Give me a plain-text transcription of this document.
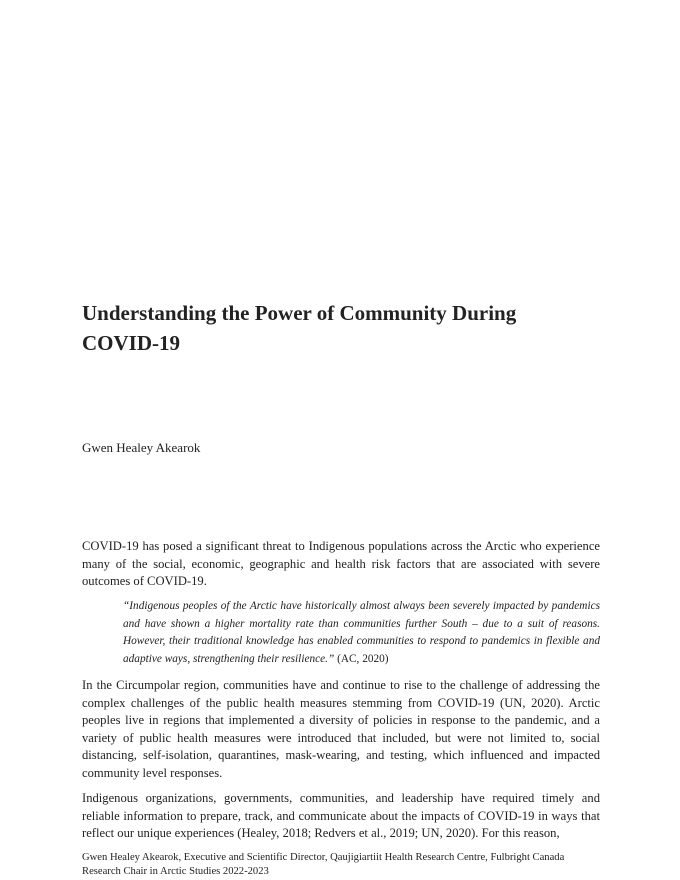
Understanding the Power of Community During COVID-19
Gwen Healey Akearok

COVID-19 has posed a significant threat to Indigenous populations across the Arctic who experience many of the social, economic, geographic and health risk factors that are associated with severe outcomes of COVID-19.

“Indigenous peoples of the Arctic have historically almost always been severely impacted by pandemics and have shown a higher mortality rate than communities further South – due to a suit of reasons. However, their traditional knowledge has enabled communities to respond to pandemics in flexible and adaptive ways, strengthening their resilience.” (AC, 2020)

In the Circumpolar region, communities have and continue to rise to the challenge of addressing the complex challenges of the public health measures stemming from COVID-19 (UN, 2020). Arctic peoples live in regions that implemented a diversity of policies in response to the pandemic, and a variety of public health measures were introduced that included, but were not limited to, social distancing, self-isolation, quarantines, mask-wearing, and testing, which influenced and impacted community level responses.

Indigenous organizations, governments, communities, and leadership have required timely and reliable information to prepare, track, and communicate about the impacts of COVID-19 in ways that reflect our unique experiences (Healey, 2018; Redvers et al., 2019; UN, 2020). For this reason,

Gwen Healey Akearok, Executive and Scientific Director, Qaujigiartiit Health Research Centre, Fulbright Canada Research Chair in Arctic Studies 2022-2023
